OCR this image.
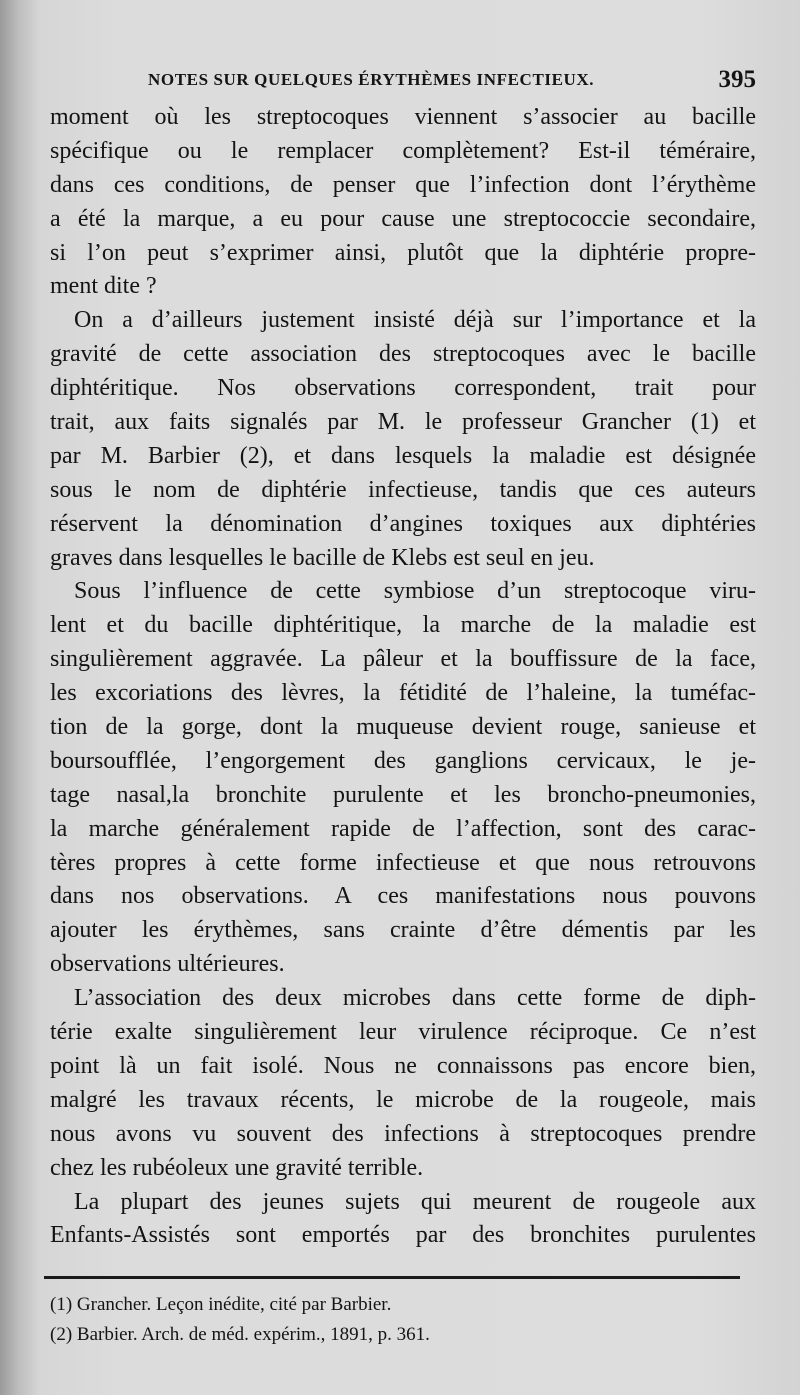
NOTES SUR QUELQUES ÉRYTHÈMES INFECTIEUX.	395
moment où les streptocoques viennent s’associer au bacille
spécifique ou le remplacer complètement? Est-il téméraire,
dans ces conditions, de penser que l’infection dont l’érythème
a été la marque, a eu pour cause une streptococcie secondaire,
si l’on peut s’exprimer ainsi, plutôt que la diphtérie propre-
ment dite ?
On a d’ailleurs justement insisté déjà sur l’importance et la
gravité de cette association des streptocoques avec le bacille
diphtéritique. Nos observations correspondent, trait pour
trait, aux faits signalés par M. le professeur Grancher (1) et
par M. Barbier (2), et dans lesquels la maladie est désignée
sous le nom de diphtérie infectieuse, tandis que ces auteurs
réservent la dénomination d’angines toxiques aux diphtéries
graves dans lesquelles le bacille de Klebs est seul en jeu.
Sous l’influence de cette symbiose d’un streptocoque viru-
lent et du bacille diphtéritique, la marche de la maladie est
singulièrement aggravée. La pâleur et la bouffissure de la face,
les excoriations des lèvres, la fétidité de l’haleine, la tuméfac-
tion de la gorge, dont la muqueuse devient rouge, sanieuse et
boursoufflée, l’engorgement des ganglions cervicaux, le je-
tage nasal,la bronchite purulente et les broncho-pneumonies,
la marche généralement rapide de l’affection, sont des carac-
tères propres à cette forme infectieuse et que nous retrouvons
dans nos observations. A ces manifestations nous pouvons
ajouter les érythèmes, sans crainte d’être démentis par les
observations ultérieures.
L’association des deux microbes dans cette forme de diph-
térie exalte singulièrement leur virulence réciproque. Ce n’est
point là un fait isolé. Nous ne connaissons pas encore bien,
malgré les travaux récents, le microbe de la rougeole, mais
nous avons vu souvent des infections à streptocoques prendre
chez les rubéoleux une gravité terrible.
La plupart des jeunes sujets qui meurent de rougeole aux
Enfants-Assistés sont emportés par des bronchites purulentes
(1) Grancher. Leçon inédite, cité par Barbier.
(2) Barbier. Arch. de méd. expérim., 1891, p. 361.
